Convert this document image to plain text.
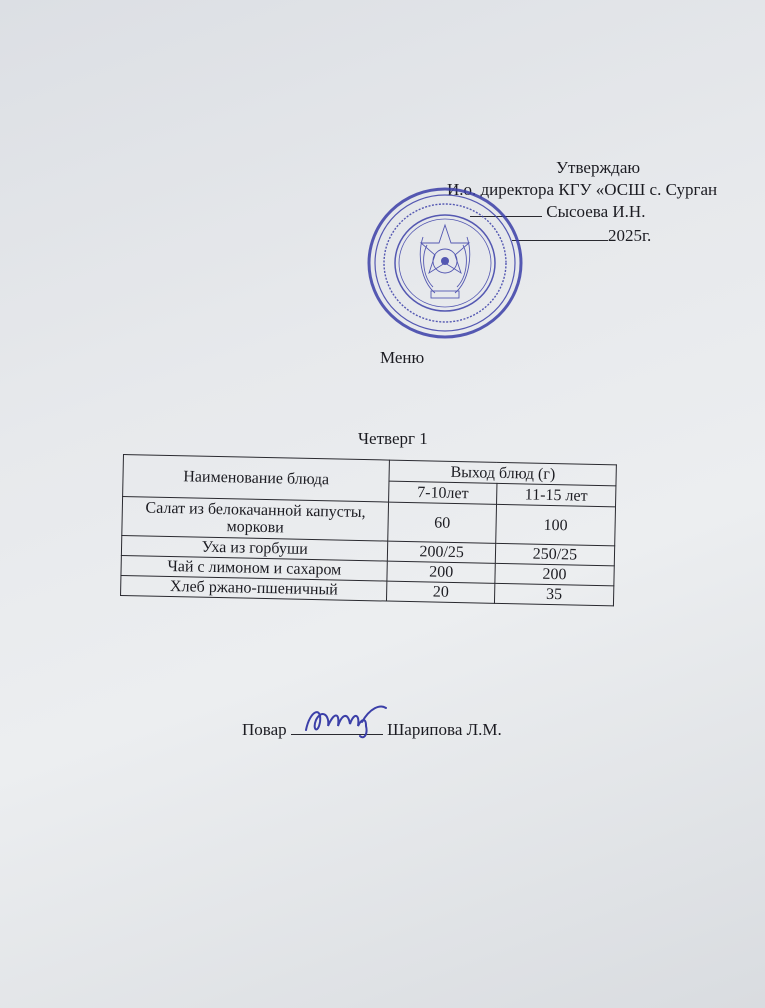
Утверждаю
И.о. директора КГУ «ОСШ с. Сурган
Сысоева И.Н.
2025г.
Меню
Четверг 1
Наименование блюда	Выход блюд (г)	
	7-10лет	11-15 лет
Салат из белокачанной капусты, моркови	60	100
Уха из горбуши	200/25	250/25
Чай с лимоном и сахаром	200	200
Хлеб ржано-пшеничный	20	35
Повар	Шарипова Л.М.
